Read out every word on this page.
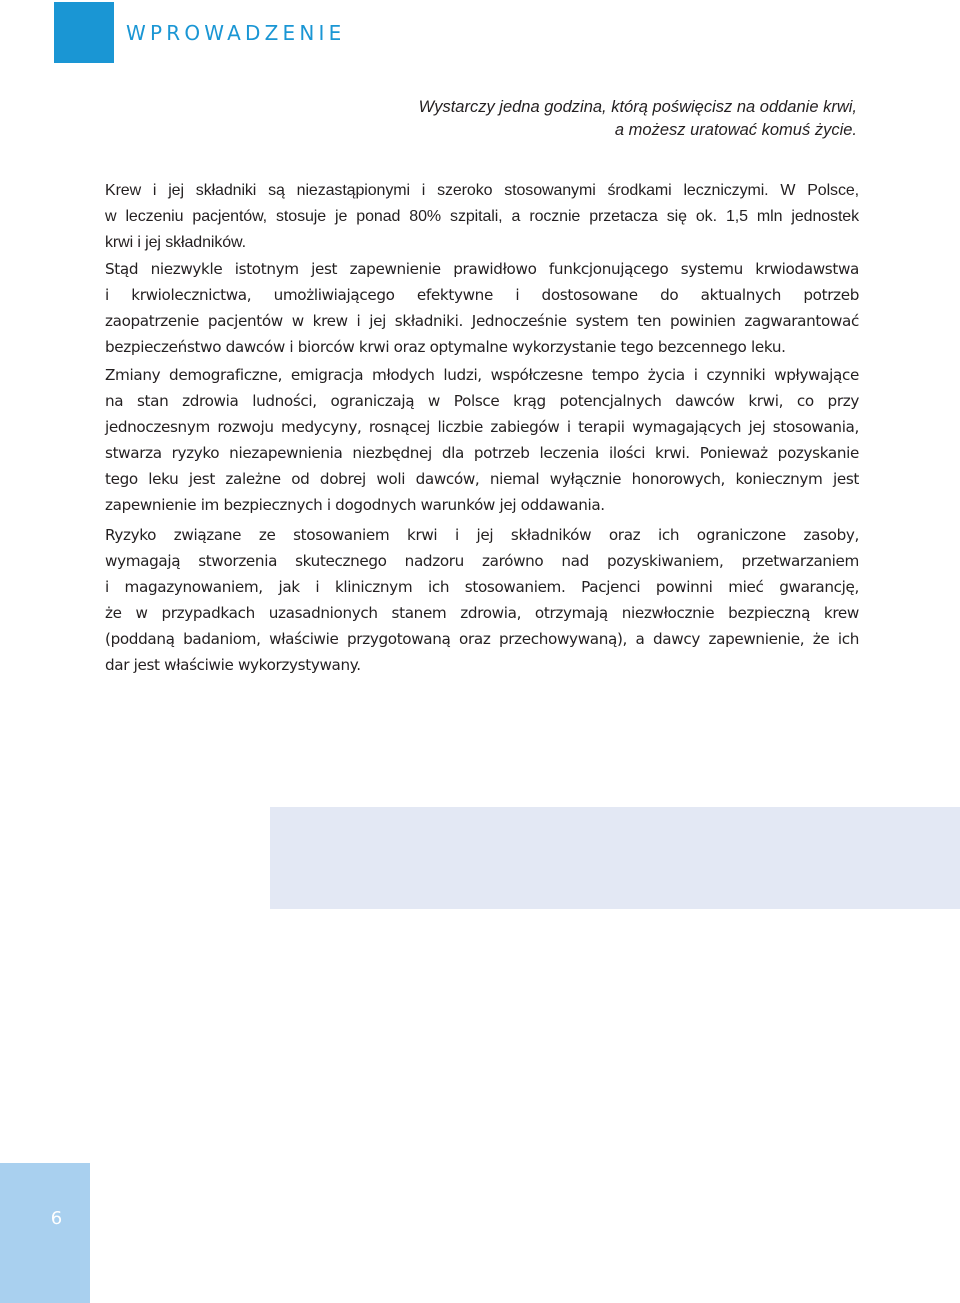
WPROWADZENIE
Wystarczy jedna godzina, którą poświęcisz na oddanie krwi,
a możesz uratować komuś życie.
Krew i jej składniki są niezastąpionymi i szeroko stosowanymi środkami leczniczymi. W Polsce,
w leczeniu pacjentów, stosuje je ponad 80% szpitali, a rocznie przetacza się ok. 1,5 mln jednostek
krwi i jej składników.
Stąd niezwykle istotnym jest zapewnienie prawidłowo funkcjonującego systemu krwiodawstwa
i krwiolecznictwa, umożliwiającego efektywne i dostosowane do aktualnych potrzeb
zaopatrzenie pacjentów w krew i jej składniki. Jednocześnie system ten powinien zagwarantować
bezpieczeństwo dawców i biorców krwi oraz optymalne wykorzystanie tego bezcennego leku.
Zmiany demograficzne, emigracja młodych ludzi, współczesne tempo życia i czynniki wpływające
na stan zdrowia ludności, ograniczają w Polsce krąg potencjalnych dawców krwi, co przy
jednoczesnym rozwoju medycyny, rosnącej liczbie zabiegów i terapii wymagających jej stosowania,
stwarza ryzyko niezapewnienia niezbędnej dla potrzeb leczenia ilości krwi. Ponieważ pozyskanie
tego leku jest zależne od dobrej woli dawców, niemal wyłącznie honorowych, koniecznym jest
zapewnienie im bezpiecznych i dogodnych warunków jej oddawania.
Ryzyko związane ze stosowaniem krwi i jej składników oraz ich ograniczone zasoby,
wymagają stworzenia skutecznego nadzoru zarówno nad pozyskiwaniem, przetwarzaniem
i magazynowaniem, jak i klinicznym ich stosowaniem. Pacjenci powinni mieć gwarancję,
że w przypadkach uzasadnionych stanem zdrowia, otrzymają niezwłocznie bezpieczną krew
(poddaną badaniom, właściwie przygotowaną oraz przechowywaną), a dawcy zapewnienie, że ich
dar jest właściwie wykorzystywany.
6
